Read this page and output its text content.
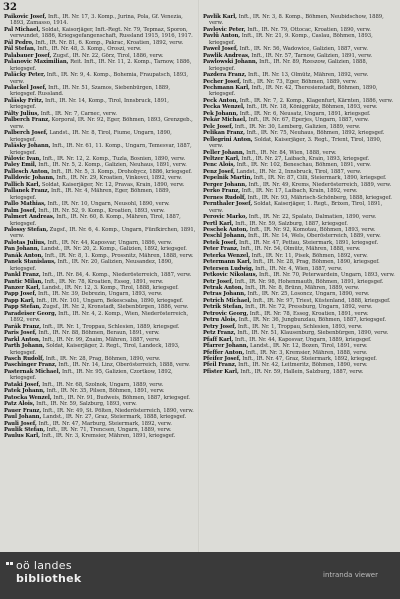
32
Paikovic Josef, Inft., IR. Nr. 17, 3. Komp., Jurina, Pola, Gf. Venezia, 1893, Zamasso, 1914.
Pal Michael, Soldat, Kaisorjäger, Inft.-Regt. Nr. 79, Tepmaz, Sporon, verwundet, 1886, Kriegsgefangenschaft, Russland 1915, 1916, 1917.
Pál Pedro, Inft., IR. Nr. 81, 6. Komp., Pakrac, Kroatien, 1892, verw.
Pál Stefan, Inft., IR. Nr. 48, 3. Komp., Oroszi, verw.
Palabauer Josef, Zugsf., IR. Nr. 22, Görz, Tirol, 1886, verw.
Palanovic Maximilian, Reit. Inft., IR. Nr. 11, 2. Komp., Tarnow, 1886, kriegsgef.
Paläcky Peter, Inft., IR. Nr. 9, 4. Komp., Bohemia, Fraupatsch, 1893, verw.
Palackel Josef, Inft., IR. Nr. 51, Szamos, Siebenbürgen, 1889, kriegsgef. Russland.
Paläsky Fritz, Inft., IR. Nr. 14, Komp., Tirol, Innsbruck, 1891, kriegsgef.
Pálty Julius, Inft., IR. Nr. 7, Carnec, verw.
Palberch Franz, Korporal, IR. Nr. 92, Eger, Böhmen, 1893, Grenzgeb., verw.
Palberch Josef, Landst., IR. Nr. 8, Tirol, Fiume, Ungarn, 1890, kriegsgef.
Paläsky Johann, Inft., IR. Nr. 61, 11. Komp., Ungarn, Temesvar, 1887, kriegsgef.
Pálovic Ivan, Inft., IR. Nr. 12, 2. Komp., Tuzla, Bosnien, 1890, verw.
Paley Emil, Inft., IR. Nr. 5, 2. Komp., Galizien, Neuhaus, 1891, verw.
Pallesch Anton, Inft., IR. Nr. 5, 3. Komp., Drohobycz, 1886, kriegsgef.
Palldovic Johann, Inft., IR. Nr. 29, Kroatien, Vinkovci, 1892, verw.
Pallich Karl, Soldat, Kaiserjäger, Nr. 12, Pravas, Krain, 1890, verw.
Pallanek Franz, Inft., IR. Nr. 4, Mähren, Eger, Böhmen, 1889, kriegsgef.
Pallo Mathias, Inft., IR. Nr. 10, Ungarn, Neusohl, 1890, verw.
Palm Josef, Inft., IR. Nr. 52, 9. Komp., Kroatien, 1893, verw.
Palmert Andreas, Inft., IR. Nr. 60, 8. Komp., Mähren, Tirol, 1887, kriegsgef.
Palossy Stefan, Zugsf., IR. Nr. 6, 4. Komp., Ungarn, Fünfkirchen, 1891, verw.
Palotas Julius, Inft., IR. Nr. 44, Kaposvar, Ungarn, 1886, verw.
Pan Johann, Landst., IR. Nr. 20, 2. Komp., Galizien, 1892, kriegsgef.
Panák Anton, Inft., IR. Nr. 8, 1. Komp., Prossnitz, Mähren, 1888, verw.
Panek Stanislaus, Inft., IR. Nr. 20, Galizien, Neusandez, 1890, kriegsgef.
Pankl Franz, Inft., IR. Nr. 84, 4. Komp., Niederösterreich, 1887, verw.
Pantic Milan, Inft., IR. Nr. 78, Kroatien, Esseg, 1891, verw.
Panzer Karl, Landst., IR. Nr. 12, 3. Komp., Tirol, 1888, kriegsgef.
Papp Josef, Inft., IR. Nr. 39, Debrezin, Ungarn, 1893, verw.
Papp Karl, Inft., IR. Nr. 101, Ungarn, Bekescsaba, 1890, kriegsgef.
Papp Stefan, Zugsf., IR. Nr. 2, Kronstadt, Siebenbürgen, 1886, verw.
Paradeiser Georg, Inft., IR. Nr. 4, 2. Komp., Wien, Niederösterreich, 1892, verw.
Parák Franz, Inft., IR. Nr. 1, Troppau, Schlesien, 1889, kriegsgef.
Paris Josef, Inft., IR. Nr. 88, Böhmen, Beraun, 1891, verw.
Parkl Anton, Inft., IR. Nr. 99, Znaim, Mähren, 1887, verw.
Parth Johann, Soldat, Kaiserjäger, 2. Regt., Tirol, Landeck, 1893, kriegsgef.
Pasch Rudolf, Inft., IR. Nr. 28, Prag, Böhmen, 1890, verw.
Paschinger Franz, Inft., IR. Nr. 14, Linz, Oberösterreich, 1888, verw.
Pasternak Michael, Inft., IR. Nr. 95, Galizien, Czortkow, 1892, kriegsgef.
Pataki Josef, Inft., IR. Nr. 68, Szolnok, Ungarn, 1889, verw.
Patek Johann, Inft., IR. Nr. 35, Pilsen, Böhmen, 1891, verw.
Patocka Wenzel, Inft., IR. Nr. 91, Budweis, Böhmen, 1887, kriegsgef.
Patz Alois, Inft., IR. Nr. 59, Salzburg, 1893, verw.
Pauer Franz, Inft., IR. Nr. 49, St. Pölten, Niederösterreich, 1890, verw.
Paul Johann, Landst., IR. Nr. 27, Graz, Steiermark, 1888, kriegsgef.
Pauli Josef, Inft., IR. Nr. 47, Marburg, Steiermark, 1892, verw.
Paulik Stefan, Inft., IR. Nr. 71, Trencsen, Ungarn, 1889, verw.
Paulus Karl, Inft., IR. Nr. 3, Kremsier, Mähren, 1891, kriegsgef.
Pavlik Karl, Inft., IR. Nr. 3, 8. Komp., Böhmen, Neubidschow, 1889, verw.
Pavlovic Peter, Inft., IR. Nr. 79, Ottocac, Kroatien, 1890, verw.
Pavlů Anton, Inft., IR. Nr. 21, 9. Komp., Caslau, Böhmen, 1893, kriegsgef.
Paweł Josef, Inft., IR. Nr. 56, Wadowice, Galizien, 1887, verw.
Pawlik Andreas, Inft., IR. Nr. 57, Tarnow, Galizien, 1891, verw.
Pawlowski Johann, Inft., IR. Nr. 89, Rzeszow, Galizien, 1888, kriegsgef.
Pazdera Franz, Inft., IR. Nr. 13, Olmütz, Mähren, 1892, verw.
Pecher Josef, Inft., IR. Nr. 73, Eger, Böhmen, 1889, verw.
Pechmann Karl, Inft., IR. Nr. 42, Theresienstadt, Böhmen, 1890, kriegsgef.
Peck Anton, Inft., IR. Nr. 7, 2. Komp., Klagenfurt, Kärnten, 1886, verw.
Pecka Wenzel, Inft., IR. Nr. 18, Königgrätz, Böhmen, 1893, verw.
Pek Johann, Inft., IR. Nr. 6, Neusatz, Ungarn, 1891, kriegsgef.
Pekár Michael, Inft., IR. Nr. 67, Eperjes, Ungarn, 1887, verw.
Pelc Josef, Inft., IR. Nr. 30, Lemberg, Galizien, 1889, verw.
Pelikan Franz, Inft., IR. Nr. 75, Neuhaus, Böhmen, 1892, kriegsgef.
Pellegrini Anton, Soldat, Kaiserjäger, 3. Regt., Trient, Tirol, 1890, verw.
Peller Johann, Inft., IR. Nr. 84, Wien, 1888, verw.
Peltzer Karl, Inft., IR. Nr. 27, Laibach, Krain, 1893, kriegsgef.
Penc Alois, Inft., IR. Nr. 102, Beneschau, Böhmen, 1891, verw.
Penz Josef, Landst., IR. Nr. 2, Innsbruck, Tirol, 1887, verw.
Pepelnik Martin, Inft., IR. Nr. 87, Cilli, Steiermark, 1890, kriegsgef.
Perger Johann, Inft., IR. Nr. 49, Krems, Niederösterreich, 1889, verw.
Perko Franz, Inft., IR. Nr. 17, Laibach, Krain, 1892, verw.
Pernes Rudolf, Inft., IR. Nr. 93, Mährisch-Schönberg, 1888, kriegsgef.
Pernthaler Josef, Soldat, Kaiserjäger, 1. Regt., Brixen, Tirol, 1891, verw.
Perovic Marko, Inft., IR. Nr. 22, Spalato, Dalmatien, 1890, verw.
Pertl Karl, Inft., IR. Nr. 59, Salzburg, 1887, kriegsgef.
Peschek Anton, Inft., IR. Nr. 92, Komotau, Böhmen, 1893, verw.
Peschl Johann, Inft., IR. Nr. 14, Wels, Oberösterreich, 1889, verw.
Petek Josef, Inft., IR. Nr. 47, Pettau, Steiermark, 1891, kriegsgef.
Peter Franz, Inft., IR. Nr. 54, Olmütz, Mähren, 1888, verw.
Peterka Wenzel, Inft., IR. Nr. 11, Pisek, Böhmen, 1892, verw.
Petermann Karl, Inft., IR. Nr. 28, Prag, Böhmen, 1890, kriegsgef.
Petersen Ludwig, Inft., IR. Nr. 4, Wien, 1887, verw.
Petkovic Nikolaus, Inft., IR. Nr. 70, Peterwardein, Ungarn, 1893, verw.
Petr Josef, Inft., IR. Nr. 98, Hohenmauth, Böhmen, 1891, kriegsgef.
Petrak Anton, Inft., IR. Nr. 8, Brünn, Mähren, 1889, verw.
Petras Johann, Inft., IR. Nr. 25, Losoncz, Ungarn, 1890, verw.
Petrich Michael, Inft., IR. Nr. 97, Triest, Küstenland, 1888, kriegsgef.
Petrik Stefan, Inft., IR. Nr. 72, Pressburg, Ungarn, 1892, verw.
Petrovic Georg, Inft., IR. Nr. 78, Esseg, Kroatien, 1891, verw.
Petru Alois, Inft., IR. Nr. 36, Jungbunzlau, Böhmen, 1887, kriegsgef.
Petry Josef, Inft., IR. Nr. 1, Troppau, Schlesien, 1893, verw.
Petz Franz, Inft., IR. Nr. 51, Klausenburg, Siebenbürgen, 1890, verw.
Pfaff Karl, Inft., IR. Nr. 44, Kaposvar, Ungarn, 1889, kriegsgef.
Pfarrer Johann, Landst., IR. Nr. 12, Bozen, Tirol, 1891, verw.
Pfeffer Anton, Inft., IR. Nr. 3, Kremsier, Mähren, 1888, verw.
Pfeifer Josef, Inft., IR. Nr. 47, Graz, Steiermark, 1892, kriegsgef.
Pfeil Franz, Inft., IR. Nr. 42, Leitmeritz, Böhmen, 1890, verw.
Pfister Karl, Inft., IR. Nr. 59, Hallein, Salzburg, 1887, verw.
oö landes
bibliothek	intranda viewer
